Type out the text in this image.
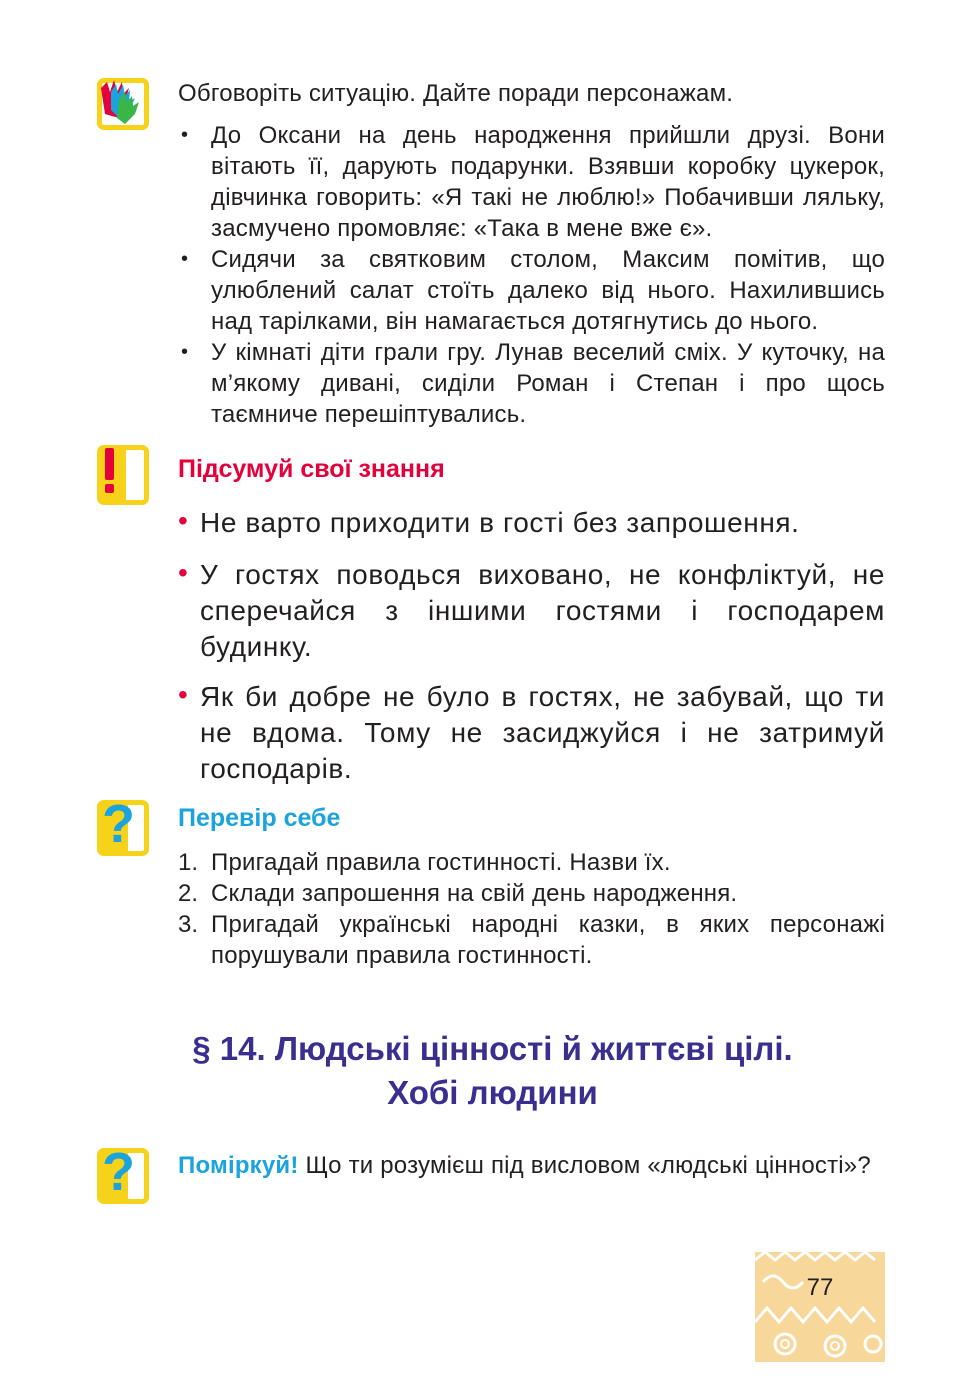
Обговоріть ситуацію. Дайте поради персонажам.
• До Оксани на день народження прийшли друзі. Вони вітають її, дарують подарунки. Взявши коробку цукерок, дівчинка говорить: «Я такі не люблю!» Побачивши ляльку, засмучено промовляє: «Така в мене вже є».
• Сидячи за святковим столом, Максим помітив, що улюблений салат стоїть далеко від нього. Нахилившись над тарілками, він намагається дотягнутись до нього.
• У кімнаті діти грали гру. Лунав веселий сміх. У куточку, на м’якому дивані, сиділи Роман і Степан і про щось таємниче перешіптувались.
Підсумуй свої знання
• Не варто приходити в гості без запрошення.
• У гостях поводься виховано, не конфліктуй, не сперечайся з іншими гостями і господарем будинку.
• Як би добре не було в гостях, не забувай, що ти не вдома. Тому не засиджуйся і не затримуй господарів.
? Перевір себе
1. Пригадай правила гостинності. Назви їх.
2. Склади запрошення на свій день народження.
3. Пригадай українські народні казки, в яких персонажі порушували правила гостинності.
§ 14. Людські цінності й життєві цілі.
Хобі людини
? Поміркуй! Що ти розумієш під висловом «людські цінності»?
77
